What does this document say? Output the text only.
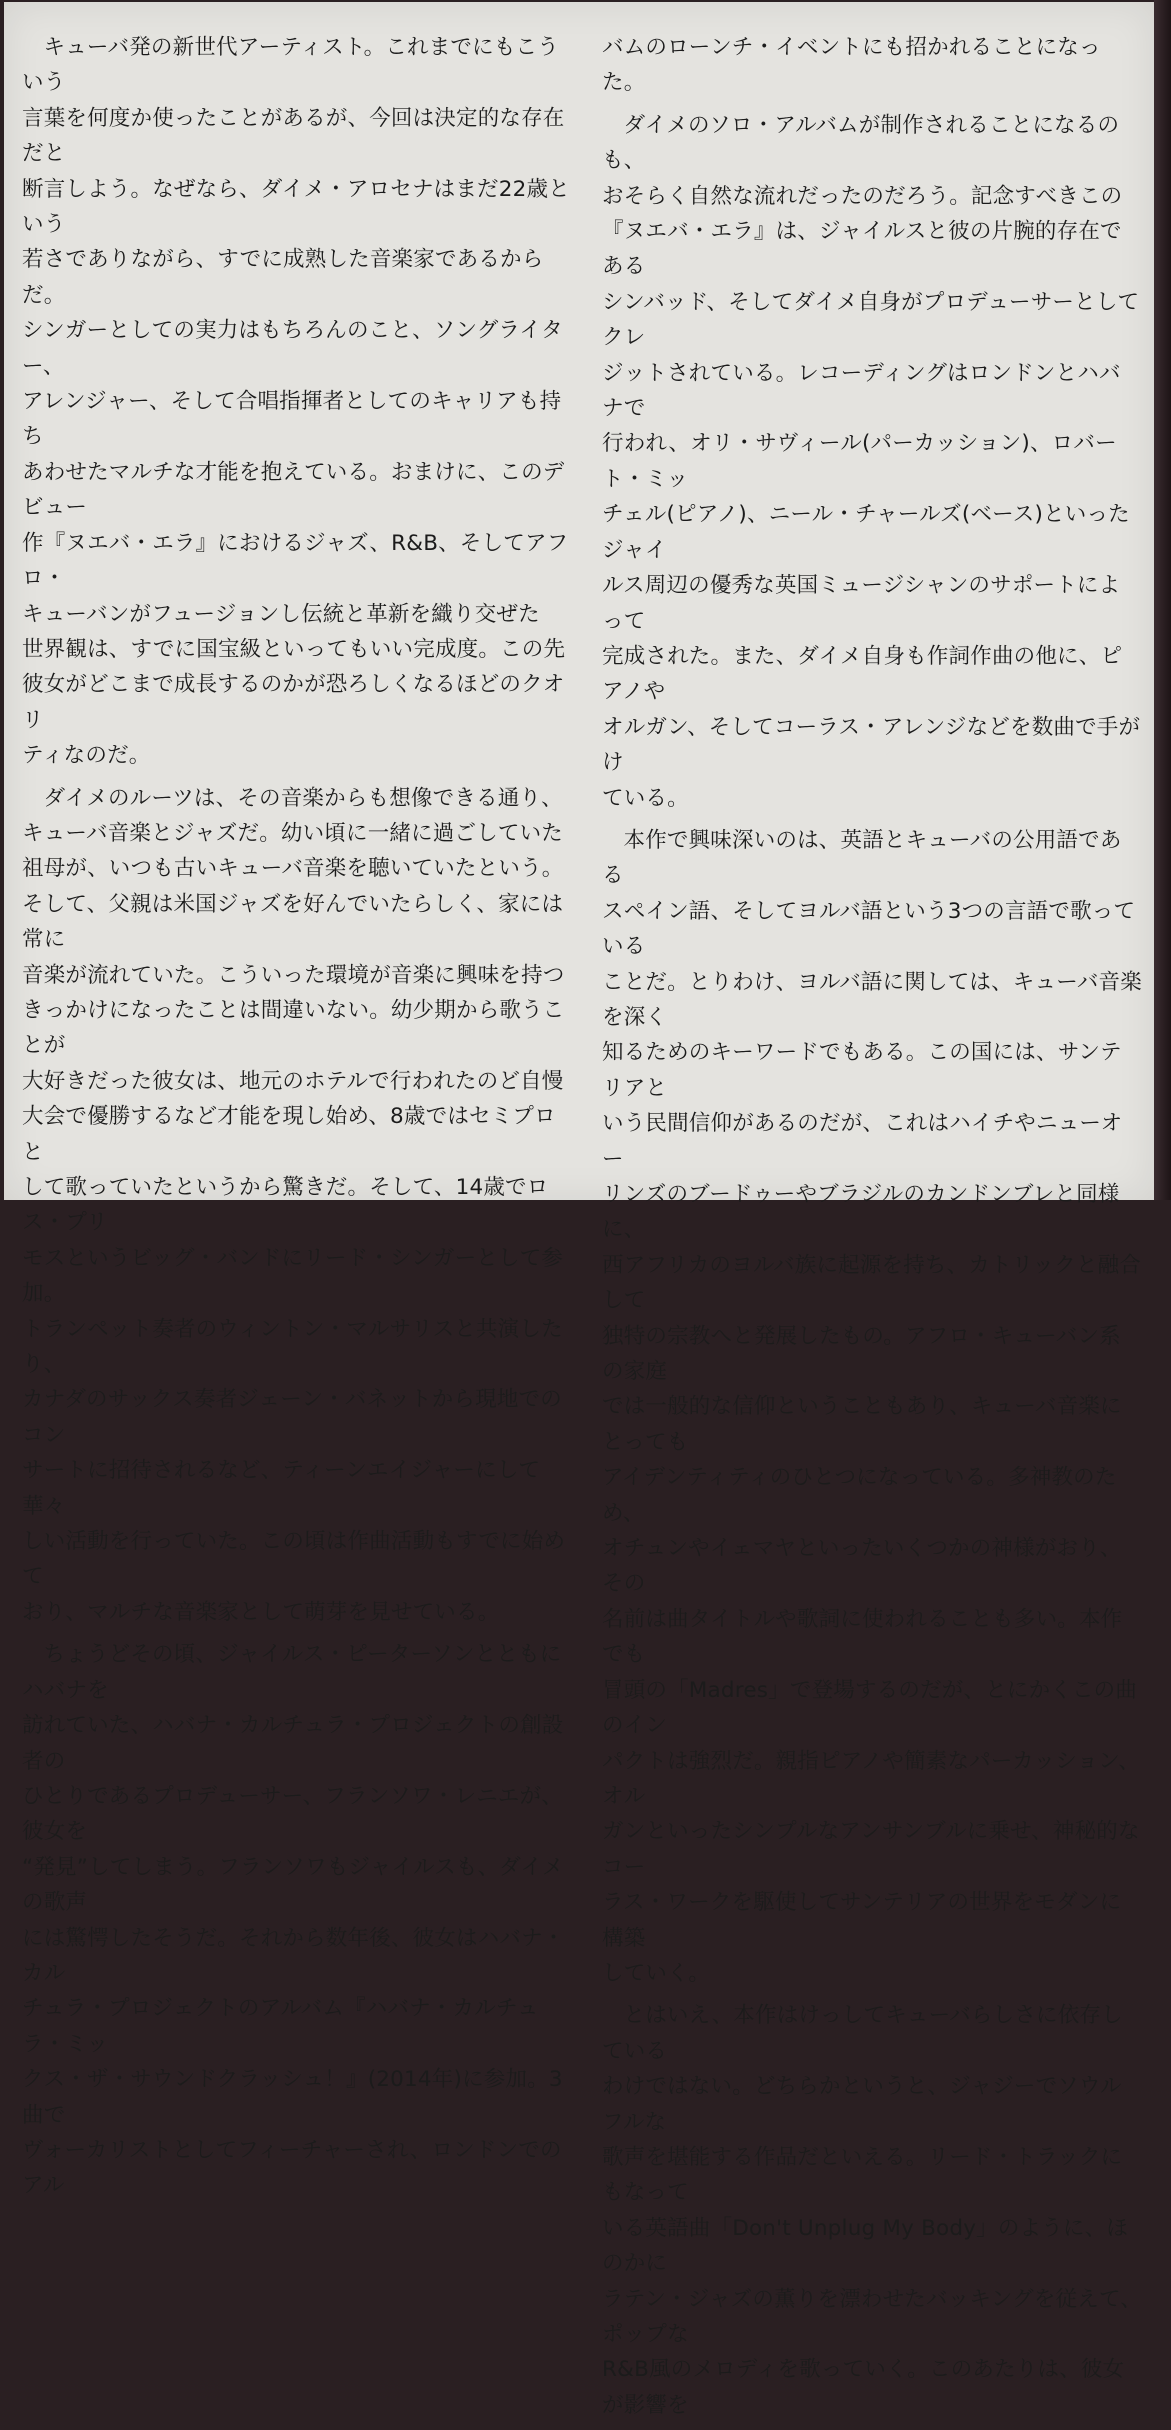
キューバ発の新世代アーティスト。これまでにもこういう
言葉を何度か使ったことがあるが、今回は決定的な存在だと
断言しよう。なぜなら、ダイメ・アロセナはまだ22歳という
若さでありながら、すでに成熟した音楽家であるからだ。
シンガーとしての実力はもちろんのこと、ソングライター、
アレンジャー、そして合唱指揮者としてのキャリアも持ち
あわせたマルチな才能を抱えている。おまけに、このデビュー
作『ヌエバ・エラ』におけるジャズ、R&B、そしてアフロ・
キューバンがフュージョンし伝統と革新を織り交ぜた
世界観は、すでに国宝級といってもいい完成度。この先
彼女がどこまで成長するのかが恐ろしくなるほどのクオリ
ティなのだ。

ダイメのルーツは、その音楽からも想像できる通り、
キューバ音楽とジャズだ。幼い頃に一緒に過ごしていた
祖母が、いつも古いキューバ音楽を聴いていたという。
そして、父親は米国ジャズを好んでいたらしく、家には常に
音楽が流れていた。こういった環境が音楽に興味を持つ
きっかけになったことは間違いない。幼少期から歌うことが
大好きだった彼女は、地元のホテルで行われたのど自慢
大会で優勝するなど才能を現し始め、8歳ではセミプロと
して歌っていたというから驚きだ。そして、14歳でロス・プリ
モスというビッグ・バンドにリード・シンガーとして参加。
トランペット奏者のウィントン・マルサリスと共演したり、
カナダのサックス奏者ジェーン・バネットから現地でのコン
サートに招待されるなど、ティーンエイジャーにして華々
しい活動を行っていた。この頃は作曲活動もすでに始めて
おり、マルチな音楽家として萌芽を見せている。

ちょうどその頃、ジャイルス・ピーターソンとともにハバナを
訪れていた、ハバナ・カルチュラ・プロジェクトの創設者の
ひとりであるプロデューサー、フランソワ・レニエが、彼女を
“発見”してしまう。フランソワもジャイルスも、ダイメの歌声
には驚愕したそうだ。それから数年後、彼女はハバナ・カル
チュラ・プロジェクトのアルバム『ハバナ・カルチュラ・ミッ
クス・ザ・サウンドクラッシュ！』(2014年)に参加。3曲で
ヴォーカリストとしてフィーチャーされ、ロンドンでのアル

バムのローンチ・イベントにも招かれることになった。

ダイメのソロ・アルバムが制作されることになるのも、
おそらく自然な流れだったのだろう。記念すべきこの
『ヌエバ・エラ』は、ジャイルスと彼の片腕的存在である
シンバッド、そしてダイメ自身がプロデューサーとしてクレ
ジットされている。レコーディングはロンドンとハバナで
行われ、オリ・サヴィール(パーカッション)、ロバート・ミッ
チェル(ピアノ)、ニール・チャールズ(ベース)といったジャイ
ルス周辺の優秀な英国ミュージシャンのサポートによって
完成された。また、ダイメ自身も作詞作曲の他に、ピアノや
オルガン、そしてコーラス・アレンジなどを数曲で手がけ
ている。

本作で興味深いのは、英語とキューバの公用語である
スペイン語、そしてヨルバ語という3つの言語で歌っている
ことだ。とりわけ、ヨルバ語に関しては、キューバ音楽を深く
知るためのキーワードでもある。この国には、サンテリアと
いう民間信仰があるのだが、これはハイチやニューオー
リンズのブードゥーやブラジルのカンドンブレと同様に、
西アフリカのヨルバ族に起源を持ち、カトリックと融合して
独特の宗教へと発展したもの。アフロ・キューバン系の家庭
では一般的な信仰ということもあり、キューバ音楽にとっても
アイデンティティのひとつになっている。多神教のため、
オチュンやイェマヤといったいくつかの神様がおり、その
名前は曲タイトルや歌詞に使われることも多い。本作でも
冒頭の「Madres」で登場するのだが、とにかくこの曲のイン
パクトは強烈だ。親指ピアノや簡素なパーカッション、オル
ガンといったシンプルなアンサンブルに乗せ、神秘的なコー
ラス・ワークを駆使してサンテリアの世界をモダンに構築
していく。

とはいえ、本作はけっしてキューバらしさに依存している
わけではない。どちらかというと、ジャジーでソウルフルな
歌声を堪能する作品だといえる。リード・トラックにもなって
いる英語曲「Don't Unplug My Body」のように、ほのかに
ラテン・ジャズの薫りを漂わせたバッキングを従えて、ポップな
R&B風のメロディを歌っていく。このあたりは、彼女が影響を
